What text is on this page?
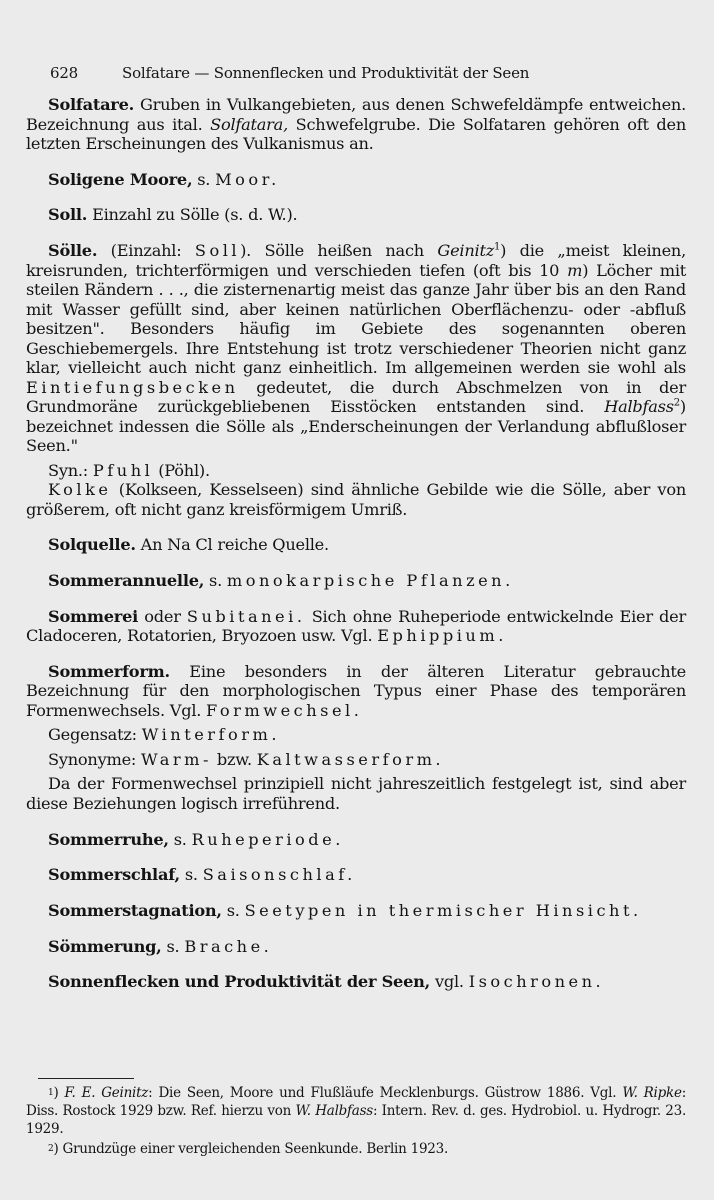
628	Solfatare — Sonnenflecken und Produktivität der Seen

Solfatare. Gruben in Vulkangebieten, aus denen Schwefeldämpfe entweichen. Bezeichnung aus ital. Solfatara, Schwefelgrube. Die Solfataren gehören oft den letzten Erscheinungen des Vulkanismus an.

Soligene Moore, s. Moor.

Soll. Einzahl zu Sölle (s. d. W.).

Sölle. (Einzahl: Soll). Sölle heißen nach Geinitz$^1$) die „meist kleinen, kreisrunden, trichterförmigen und verschieden tiefen (oft bis 10 m) Löcher mit steilen Rändern . . ., die zisternenartig meist das ganze Jahr über bis an den Rand mit Wasser gefüllt sind, aber keinen natürlichen Oberflächenzu- oder -abfluß besitzen". Besonders häufig im Gebiete des sogenannten oberen Geschiebemergels. Ihre Entstehung ist trotz verschiedener Theorien nicht ganz klar, vielleicht auch nicht ganz einheitlich. Im allgemeinen werden sie wohl als Eintiefungsbecken gedeutet, die durch Abschmelzen von in der Grundmoräne zurückgebliebenen Eisstöcken entstanden sind. Halbfass$^2$) bezeichnet indessen die Sölle als „Enderscheinungen der Verlandung abflußloser Seen."
Syn.: Pfuhl (Pöhl).
Kolke (Kolkseen, Kesselseen) sind ähnliche Gebilde wie die Sölle, aber von größerem, oft nicht ganz kreisförmigem Umriß.

Solquelle. An Na Cl reiche Quelle.

Sommerannuelle, s. monokarpische Pflanzen.

Sommerei oder Subitanei. Sich ohne Ruheperiode entwickelnde Eier der Cladoceren, Rotatorien, Bryozoen usw. Vgl. Ephippium.

Sommerform. Eine besonders in der älteren Literatur gebrauchte Bezeichnung für den morphologischen Typus einer Phase des temporären Formenwechsels. Vgl. Formwechsel.
Gegensatz: Winterform.
Synonyme: Warm- bzw. Kaltwasserform.
Da der Formenwechsel prinzipiell nicht jahreszeitlich festgelegt ist, sind aber diese Beziehungen logisch irreführend.

Sommerruhe, s. Ruheperiode.

Sommerschlaf, s. Saisonschlaf.

Sommerstagnation, s. Seetypen in thermischer Hinsicht.

Sömmerung, s. Brache.

Sonnenflecken und Produktivität der Seen, vgl. Isochronen.

$^1$) F. E. Geinitz: Die Seen, Moore und Flußläufe Mecklenburgs. Güstrow 1886. Vgl. W. Ripke: Diss. Rostock 1929 bzw. Ref. hierzu von W. Halbfass: Intern. Rev. d. ges. Hydrobiol. u. Hydrogr. 23. 1929.

$^2$) Grundzüge einer vergleichenden Seenkunde. Berlin 1923.
